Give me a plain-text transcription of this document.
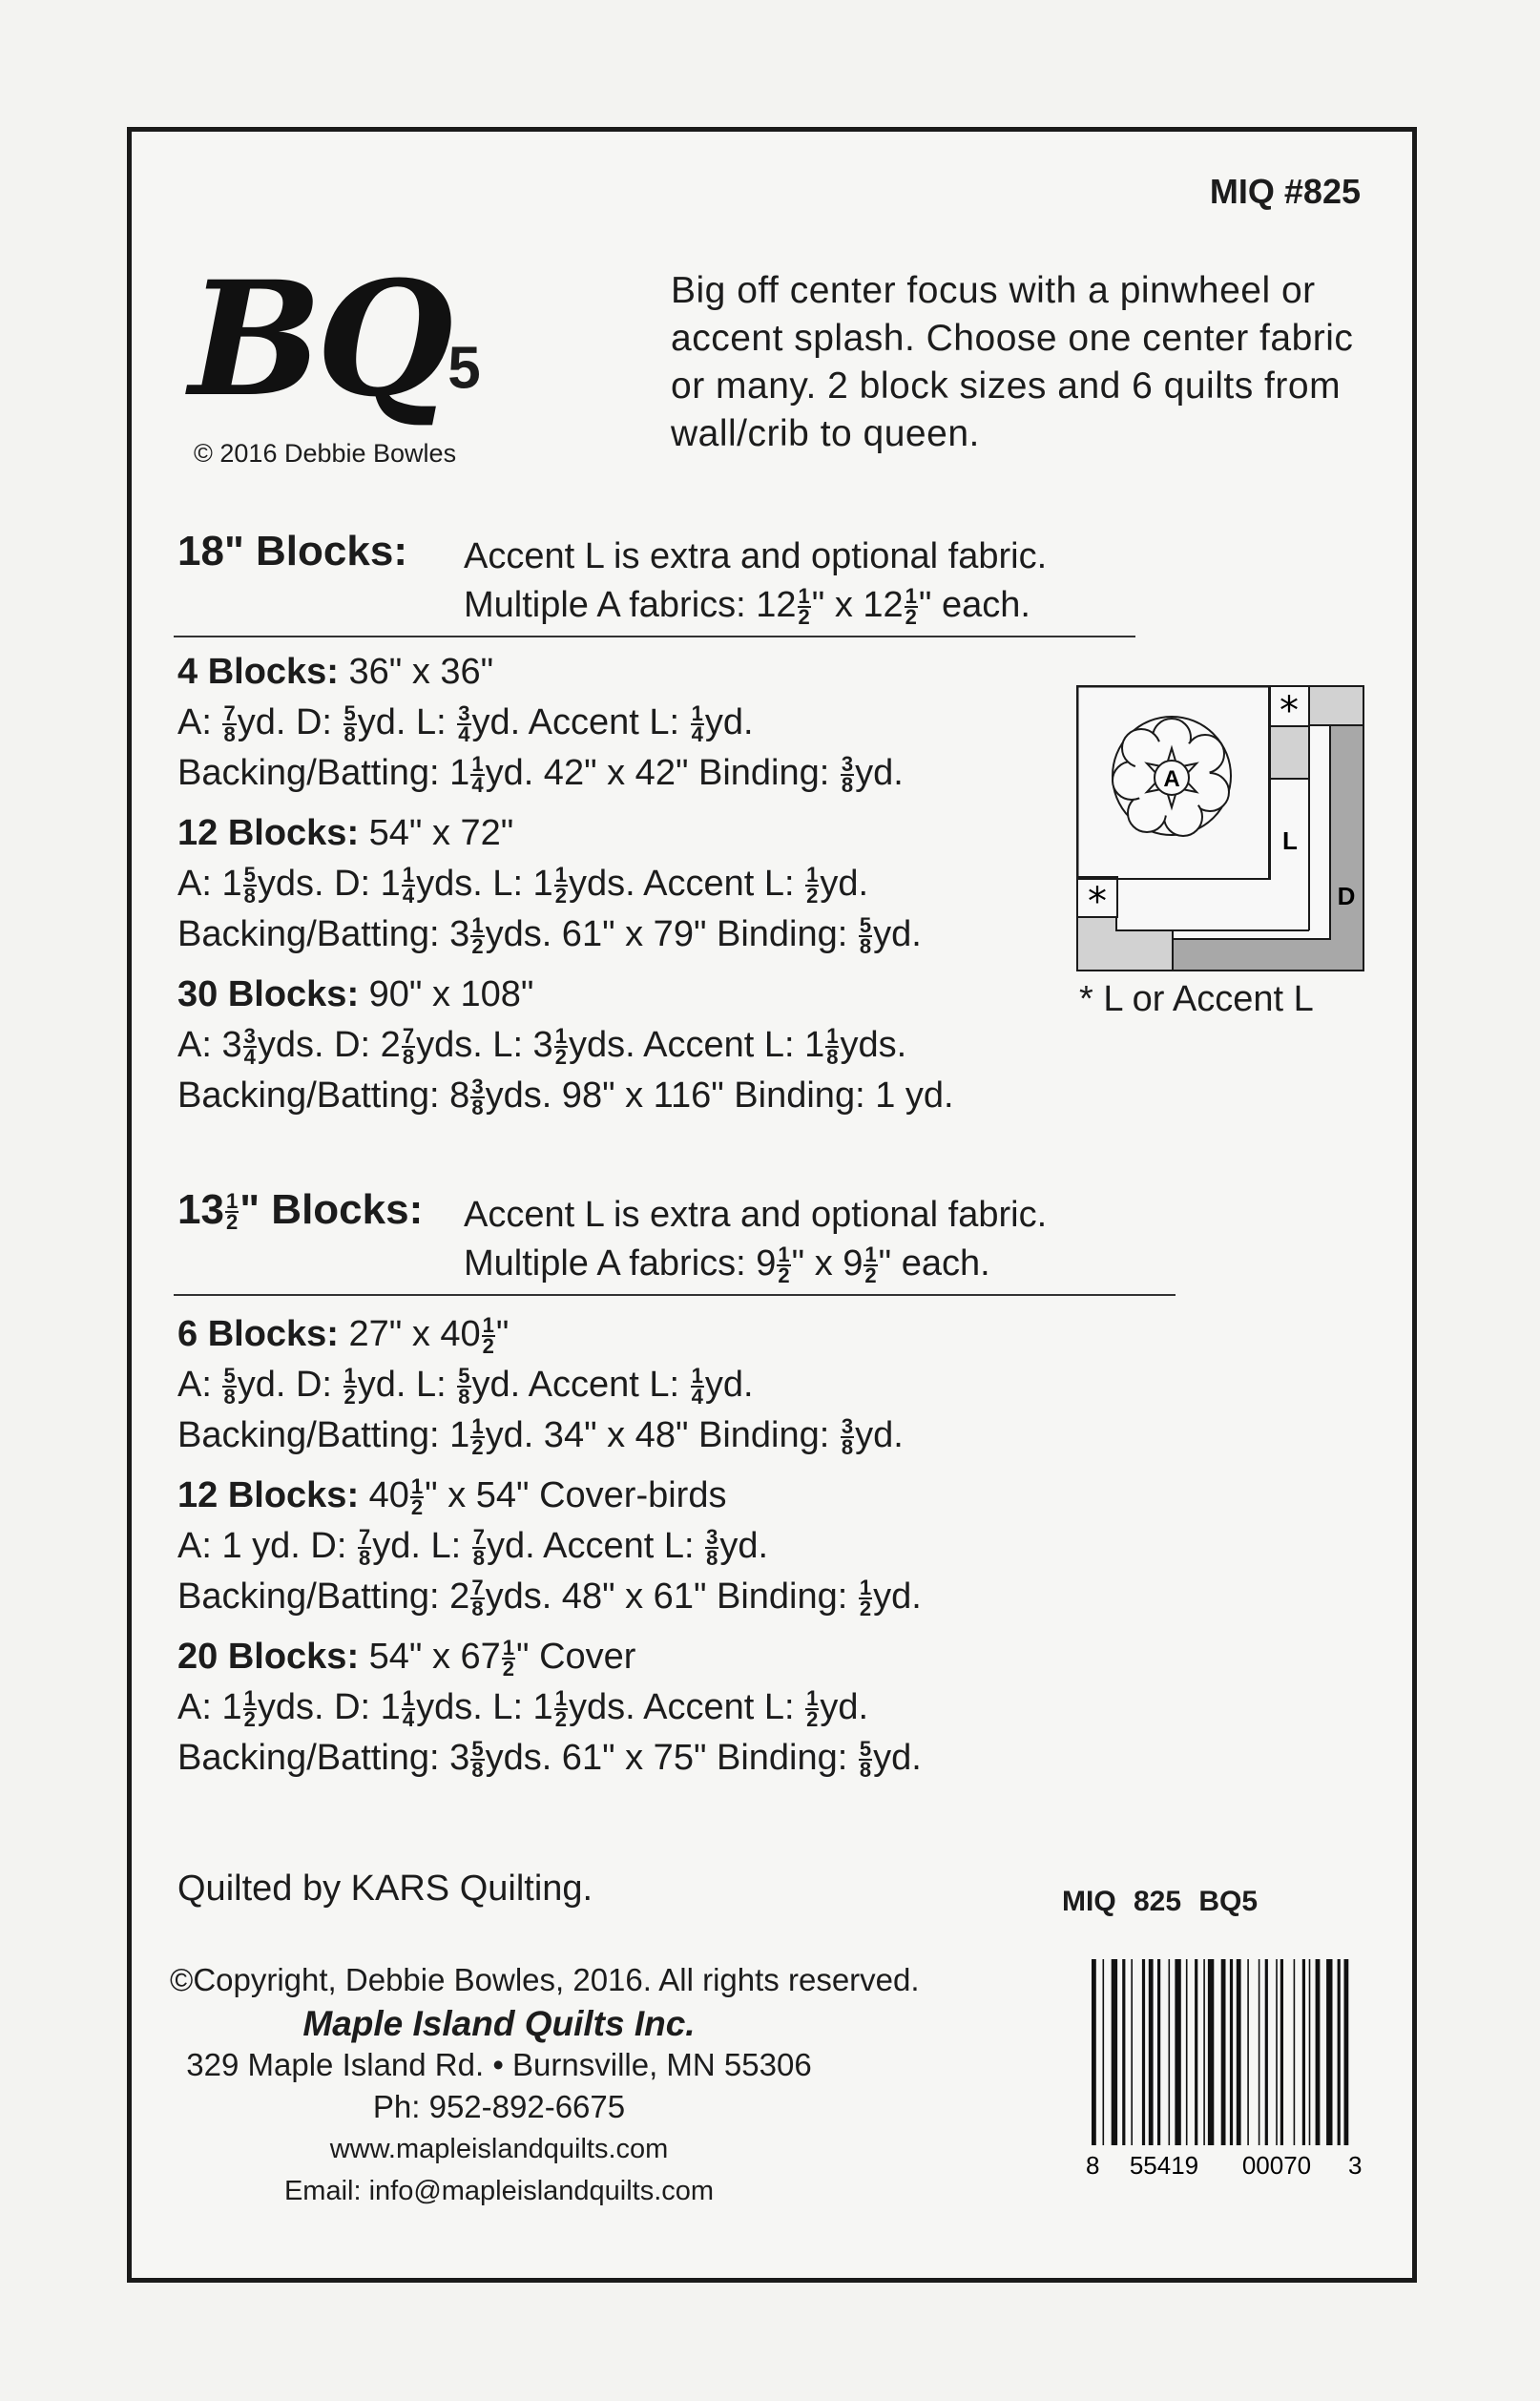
MIQ #825
$BQ^5$
© 2016 Debbie Bowles
Big off center focus with a pinwheel or accent splash. Choose one center fabric or many. 2 block sizes and 6 quilts from wall/crib to queen.
18" Blocks: Accent L is extra and optional fabric.
Multiple A fabrics: $12 \frac{1}{2}$ " x $12 \frac{1}{2}$ " each.
4 Blocks: 36" x 36"
A: $\frac{7}{8}$ yd. D: $\frac{5}{8}$ yd. L: $\frac{3}{4}$ yd. Accent L: $\frac{1}{4}$ yd.
Backing/Batting: $1 \frac{1}{4}$ yd. 42" x 42" Binding: $\frac{3}{8}$ yd.
12 Blocks: 54" x 72"
A: $1 \frac{5}{8}$ yds. D: $1 \frac{1}{4}$ yds. L: $1 \frac{1}{2}$ yds. Accent L: $\frac{1}{2}$ yd.
Backing/Batting: $3 \frac{1}{2}$ yds. 61" x 79" Binding: $\frac{5}{8}$ yd.
30 Blocks: 90" x 108"
A: $3 \frac{3}{4}$ yds. D: $2 \frac{7}{8}$ yds. L: $3 \frac{1}{2}$ yds. Accent L: $1 \frac{1}{8}$ yds.
Backing/Batting: $8 \frac{3}{8}$ yds. 98" x 116" Binding: 1 yd.
$13 \frac{1}{2}$ " Blocks: Accent L is extra and optional fabric.
Multiple A fabrics: $9 \frac{1}{2}$ " x $9 \frac{1}{2}$ " each.
6 Blocks: 27" x $40 \frac{1}{2}$ "
A: $\frac{5}{8}$ yd. D: $\frac{1}{2}$ yd. L: $\frac{5}{8}$ yd. Accent L: $\frac{1}{4}$ yd.
Backing/Batting: $1 \frac{1}{2}$ yd. 34" x 48" Binding: $\frac{3}{8}$ yd.
12 Blocks: $40 \frac{1}{2}$ " x 54" Cover-birds
A: 1 yd. D: $\frac{7}{8}$ yd. L: $\frac{7}{8}$ yd. Accent L: $\frac{3}{8}$ yd.
Backing/Batting: $2 \frac{7}{8}$ yds. 48" x 61" Binding: $\frac{1}{2}$ yd.
20 Blocks: 54" x $67 \frac{1}{2}$ " Cover
A: $1 \frac{1}{2}$ yds. D: $1 \frac{1}{4}$ yds. L: $1 \frac{1}{2}$ yds. Accent L: $\frac{1}{2}$ yd.
Backing/Batting: $3 \frac{5}{8}$ yds. 61" x 75" Binding: $\frac{5}{8}$ yd.
A
L
D
*
*
* L or Accent L
Quilted by KARS Quilting.	MIQ 825 BQ5
©Copyright, Debbie Bowles, 2016. All rights reserved.
Maple Island Quilts Inc.
329 Maple Island Rd. • Burnsville, MN 55306
Ph: 952-892-6675
www.mapleislandquilts.com
Email: info@mapleislandquilts.com
8 55419 00070 3
